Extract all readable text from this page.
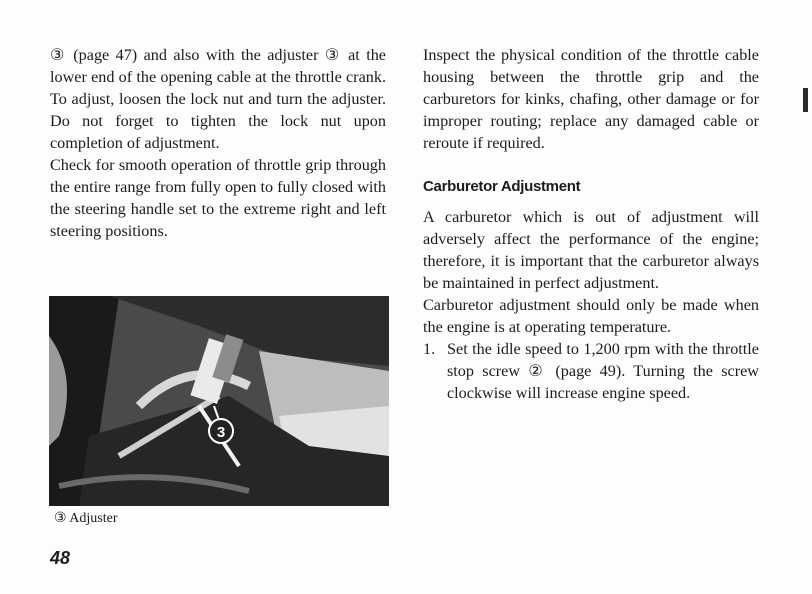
③ (page 47) and also with the adjuster ③ at the lower end of the opening cable at the throttle crank. To adjust, loosen the lock nut and turn the adjuster. Do not forget to tighten the lock nut upon completion of adjustment.

Check for smooth operation of throttle grip through the entire range from fully open to fully closed with the steering handle set to the extreme right and left steering positions.

3
③ Adjuster

Inspect the physical condition of the throttle cable housing between the throttle grip and the carburetors for kinks, chafing, other damage or for improper routing; replace any damaged cable or reroute if required.

Carburetor Adjustment

A carburetor which is out of adjustment will adversely affect the performance of the engine; therefore, it is important that the carburetor always be maintained in perfect adjustment.

Carburetor adjustment should only be made when the engine is at operating temperature.

1. Set the idle speed to 1,200 rpm with the throttle stop screw ② (page 49). Turning the screw clockwise will increase engine speed.
48
